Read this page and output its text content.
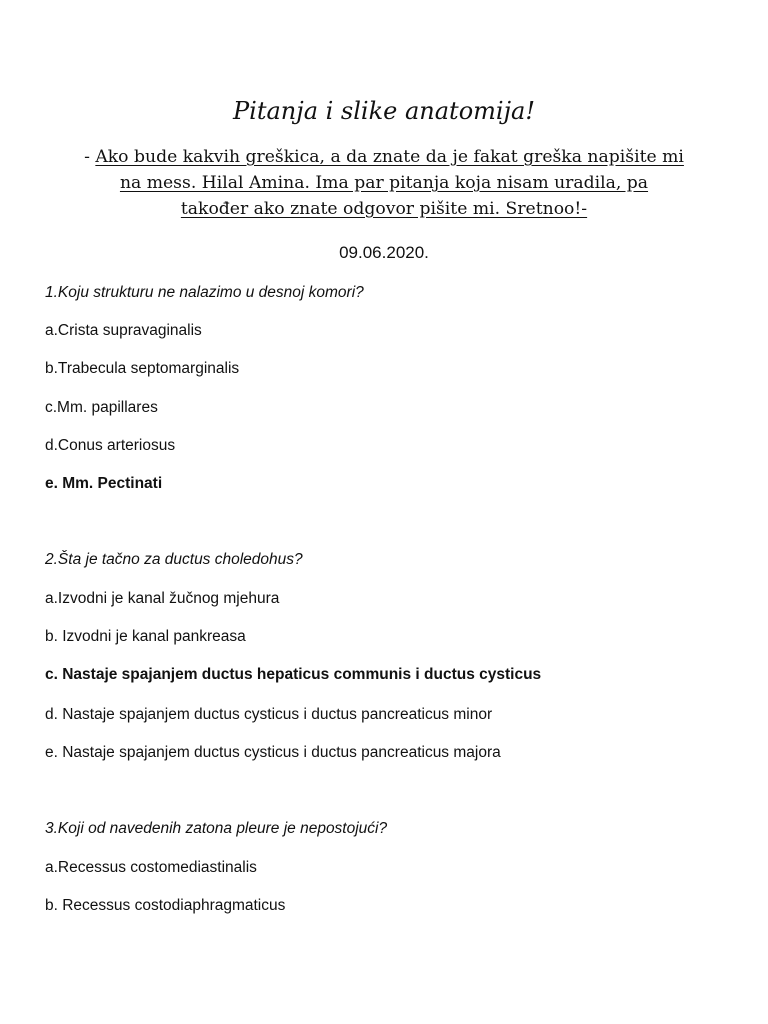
Pitanja i slike anatomija!
- Ako bude kakvih greškica, a da znate da je fakat greška napišite mi na mess. Hilal Amina. Ima par pitanja koja nisam uradila, pa također ako znate odgovor pišite mi. Sretnoo!-
09.06.2020.
1.Koju strukturu ne nalazimo u desnoj komori?
a.Crista supravaginalis
b.Trabecula septomarginalis
c.Mm. papillares
d.Conus arteriosus
e. Mm. Pectinati
2.Šta je tačno za ductus choledohus?
a.Izvodni je kanal žučnog mjehura
b. Izvodni je kanal pankreasa
c. Nastaje spajanjem ductus hepaticus communis i ductus cysticus
d. Nastaje spajanjem ductus cysticus i ductus pancreaticus minor
e. Nastaje spajanjem ductus cysticus i ductus pancreaticus majora
3.Koji od navedenih zatona pleure je nepostojući?
a.Recessus costomediastinalis
b. Recessus costodiaphragmaticus
